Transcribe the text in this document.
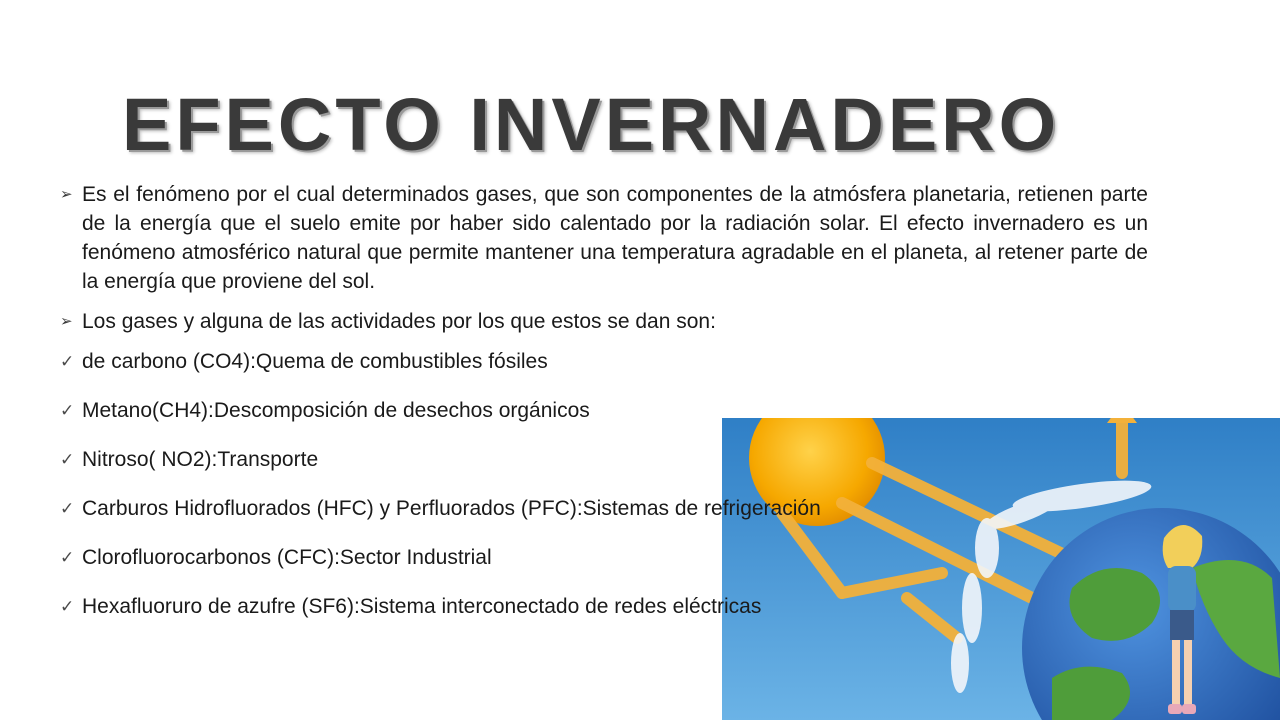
EFECTO INVERNADERO
➢ Es el fenómeno por el cual determinados gases, que son componentes de la atmósfera planetaria, retienen parte de la energía que el suelo emite por haber sido calentado por la radiación solar. El efecto invernadero es un fenómeno atmosférico natural que permite mantener una temperatura agradable en el planeta, al retener parte de la energía que proviene del sol.
➢ Los gases y alguna de las actividades por los que estos se dan son:
✓ de carbono (CO4):Quema de combustibles fósiles
✓ Metano(CH4):Descomposición de desechos orgánicos
✓ Nitroso( NO2):Transporte
✓ Carburos Hidrofluorados (HFC) y Perfluorados (PFC):Sistemas de refrigeración
✓ Clorofluorocarbonos (CFC):Sector Industrial
✓ Hexafluoruro de azufre (SF6):Sistema interconectado de redes eléctricas
